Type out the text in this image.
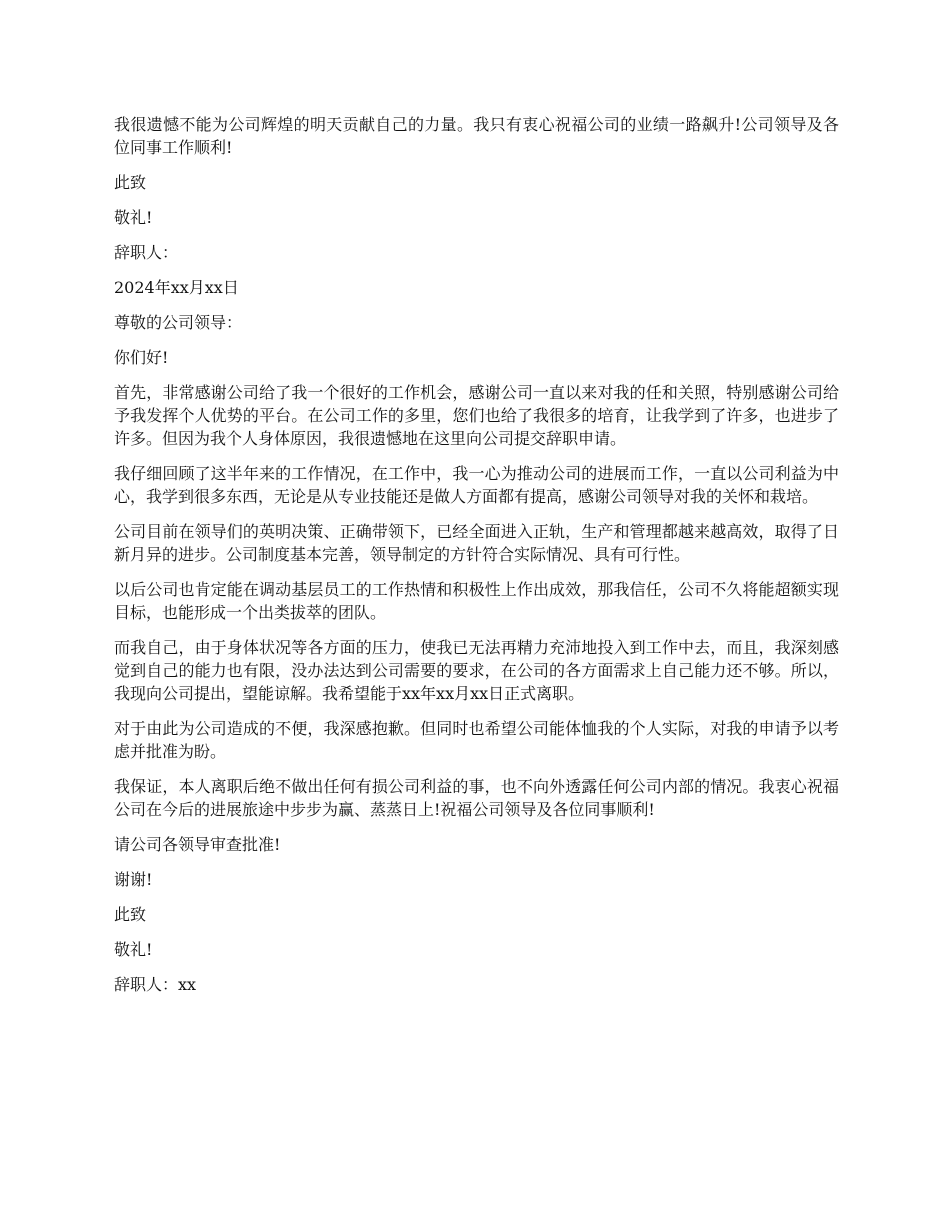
我很遗憾不能为公司辉煌的明天贡献自己的力量。我只有衷心祝福公司的业绩一路飙升!公司领导及各位同事工作顺利!

此致

敬礼!

辞职人：

2024年xx月xx日

尊敬的公司领导：

你们好!

首先，非常感谢公司给了我一个很好的工作机会，感谢公司一直以来对我的任和关照，特别感谢公司给予我发挥个人优势的平台。在公司工作的多里，您们也给了我很多的培育，让我学到了许多，也进步了许多。但因为我个人身体原因，我很遗憾地在这里向公司提交辞职申请。

我仔细回顾了这半年来的工作情况，在工作中，我一心为推动公司的进展而工作，一直以公司利益为中心，我学到很多东西，无论是从专业技能还是做人方面都有提高，感谢公司领导对我的关怀和栽培。

公司目前在领导们的英明决策、正确带领下，已经全面进入正轨，生产和管理都越来越高效，取得了日新月异的进步。公司制度基本完善，领导制定的方针符合实际情况、具有可行性。

以后公司也肯定能在调动基层员工的工作热情和积极性上作出成效，那我信任，公司不久将能超额实现目标，也能形成一个出类拔萃的团队。

而我自己，由于身体状况等各方面的压力，使我已无法再精力充沛地投入到工作中去，而且，我深刻感觉到自己的能力也有限，没办法达到公司需要的要求，在公司的各方面需求上自己能力还不够。所以，我现向公司提出，望能谅解。我希望能于xx年xx月xx日正式离职。

对于由此为公司造成的不便，我深感抱歉。但同时也希望公司能体恤我的个人实际，对我的申请予以考虑并批准为盼。

我保证，本人离职后绝不做出任何有损公司利益的事，也不向外透露任何公司内部的情况。我衷心祝福公司在今后的进展旅途中步步为赢、蒸蒸日上!祝福公司领导及各位同事顺利!

请公司各领导审查批准!

谢谢!

此致

敬礼!

辞职人：xx
